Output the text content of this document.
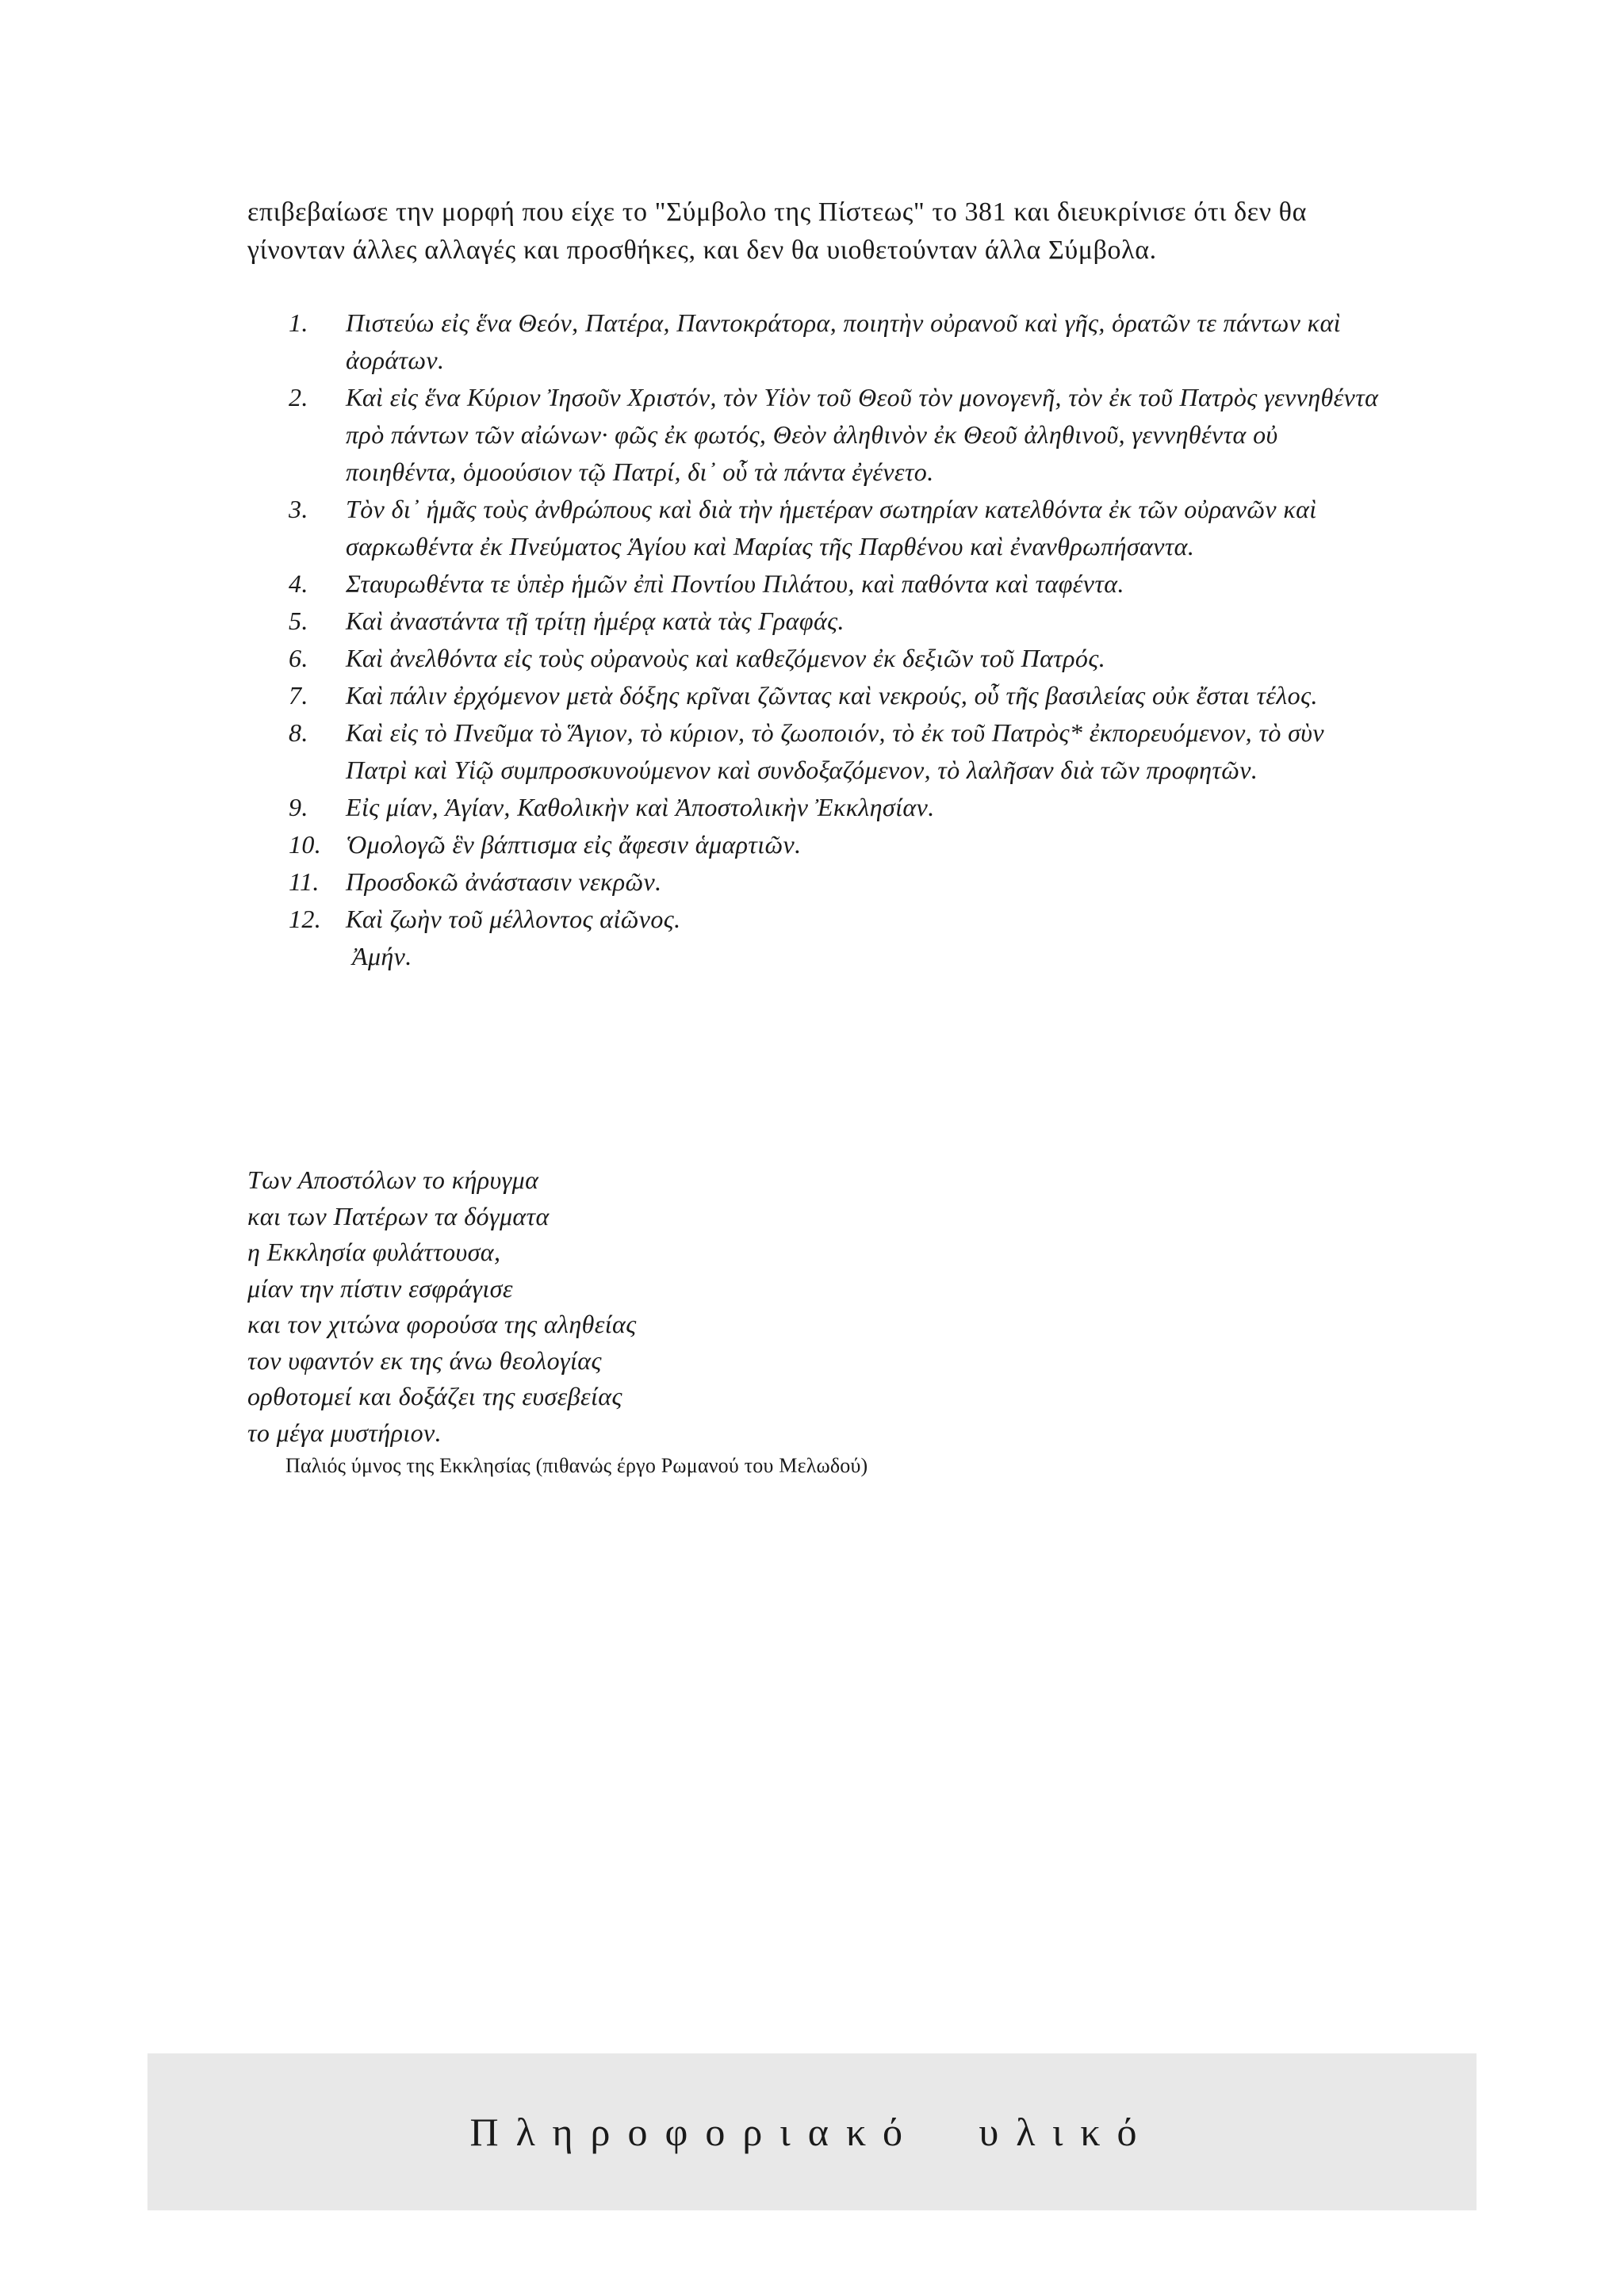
επιβεβαίωσε την μορφή που είχε το "Σύμβολο της Πίστεως" το 381 και διευκρίνισε ότι δεν θα γίνονταν άλλες αλλαγές και προσθήκες, και δεν θα υιοθετούνταν άλλα Σύμβολα.

1.	Πιστεύω εἰς ἕνα Θεόν, Πατέρα, Παντοκράτορα, ποιητὴν οὐρανοῦ καὶ γῆς, ὁρατῶν τε πάντων καὶ ἀοράτων.
2.	Καὶ εἰς ἕνα Κύριον Ἰησοῦν Χριστόν, τὸν Υἱὸν τοῦ Θεοῦ τὸν μονογενῆ, τὸν ἐκ τοῦ Πατρὸς γεννηθέντα πρὸ πάντων τῶν αἰώνων· φῶς ἐκ φωτός, Θεὸν ἀληθινὸν ἐκ Θεοῦ ἀληθινοῦ, γεννηθέντα οὐ ποιηθέντα, ὁμοούσιον τῷ Πατρί, δι᾽ οὗ τὰ πάντα ἐγένετο.
3.	Τὸν δι᾽ ἡμᾶς τοὺς ἀνθρώπους καὶ διὰ τὴν ἡμετέραν σωτηρίαν κατελθόντα ἐκ τῶν οὐρανῶν καὶ σαρκωθέντα ἐκ Πνεύματος Ἁγίου καὶ Μαρίας τῆς Παρθένου καὶ ἐνανθρωπήσαντα.
4.	Σταυρωθέντα τε ὑπὲρ ἡμῶν ἐπὶ Ποντίου Πιλάτου, καὶ παθόντα καὶ ταφέντα.
5.	Καὶ ἀναστάντα τῇ τρίτῃ ἡμέρᾳ κατὰ τὰς Γραφάς.
6.	Καὶ ἀνελθόντα εἰς τοὺς οὐρανοὺς καὶ καθεζόμενον ἐκ δεξιῶν τοῦ Πατρός.
7.	Καὶ πάλιν ἐρχόμενον μετὰ δόξης κρῖναι ζῶντας καὶ νεκρούς, οὗ τῆς βασιλείας οὐκ ἔσται τέλος.
8.	Καὶ εἰς τὸ Πνεῦμα τὸ Ἅγιον, τὸ κύριον, τὸ ζωοποιόν, τὸ ἐκ τοῦ Πατρὸς* ἐκπορευόμενον, τὸ σὺν Πατρὶ καὶ Υἱῷ συμπροσκυνούμενον καὶ συνδοξαζόμενον, τὸ λαλῆσαν διὰ τῶν προφητῶν.
9.	Εἰς μίαν, Ἁγίαν, Καθολικὴν καὶ Ἀποστολικὴν Ἐκκλησίαν.
10. Ὁμολογῶ ἓν βάπτισμα εἰς ἄφεσιν ἁμαρτιῶν.
11.	Προσδοκῶ ἀνάστασιν νεκρῶν.
12. Καὶ ζωὴν τοῦ μέλλοντος αἰῶνος.
Ἀμήν.
Των Αποστόλων το κήρυγμα
και των Πατέρων τα δόγματα
η Εκκλησία φυλάττουσα,
μίαν την πίστιν εσφράγισε
και τον χιτώνα φορούσα της αληθείας
τον υφαντόν εκ της άνω θεολογίας
ορθοτομεί και δοξάζει της ευσεβείας
το μέγα μυστήριον.

Παλιός ύμνος της Εκκλησίας (πιθανώς έργο Ρωμανού του Μελωδού)

Πληροφοριακό υλικό
